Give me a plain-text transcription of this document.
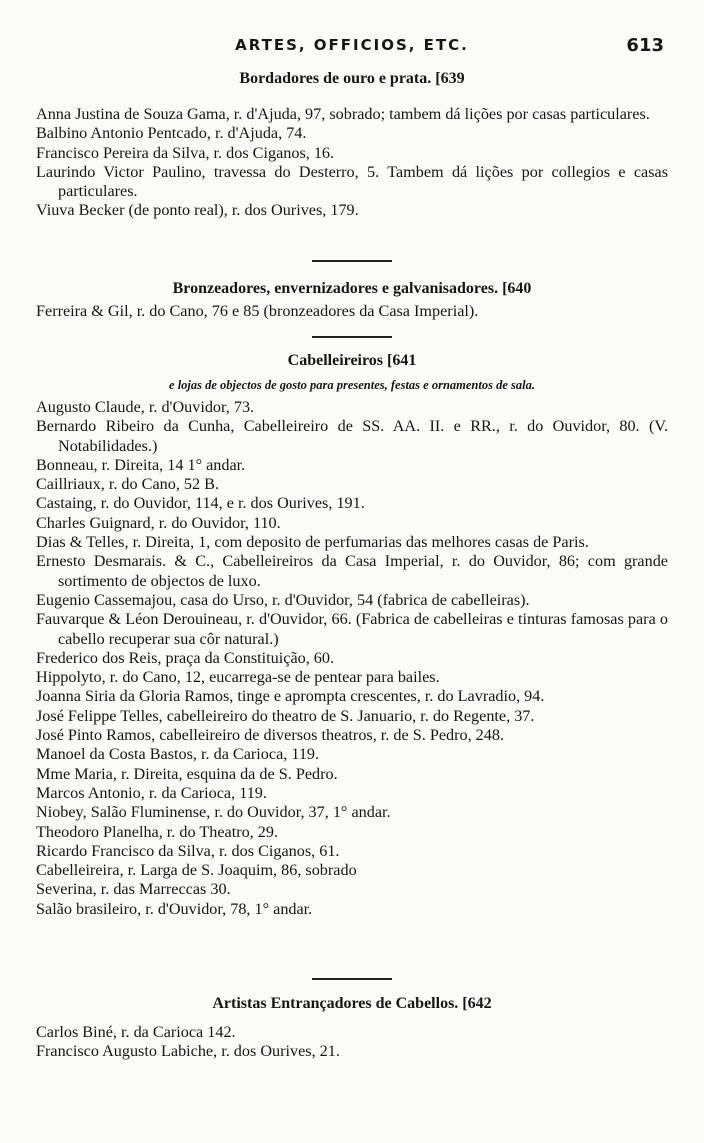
ARTES, OFFICIOS, ETC.	613
Bordadores de ouro e prata. [639
Anna Justina de Souza Gama, r. d'Ajuda, 97, sobrado; tambem dá lições por casas particulares.
Balbino Antonio Pentcado, r. d'Ajuda, 74.
Francisco Pereira da Silva, r. dos Ciganos, 16.
Laurindo Victor Paulino, travessa do Desterro, 5. Tambem dá lições por collegios e casas particulares.
Viuva Becker (de ponto real), r. dos Ourives, 179.
Bronzeadores, envernizadores e galvanisadores. [640
Ferreira & Gil, r. do Cano, 76 e 85 (bronzeadores da Casa Imperial).
Cabelleireiros [641
e lojas de objectos de gosto para presentes, festas e ornamentos de sala.
Augusto Claude, r. d'Ouvidor, 73.
Bernardo Ribeiro da Cunha, Cabelleireiro de SS. AA. II. e RR., r. do Ouvidor, 80. (V. Notabilidades.)
Bonneau, r. Direita, 14 1° andar.
Caillriaux, r. do Cano, 52 B.
Castaing, r. do Ouvidor, 114, e r. dos Ourives, 191.
Charles Guignard, r. do Ouvidor, 110.
Dias & Telles, r. Direita, 1, com deposito de perfumarias das melhores casas de Paris.
Ernesto Desmarais. & C., Cabelleireiros da Casa Imperial, r. do Ouvidor, 86; com grande sortimento de objectos de luxo.
Eugenio Cassemajou, casa do Urso, r. d'Ouvidor, 54 (fabrica de cabelleiras).
Fauvarque & Léon Derouineau, r. d'Ouvidor, 66. (Fabrica de cabelleiras e tinturas famosas para o cabello recuperar sua côr natural.)
Frederico dos Reis, praça da Constituição, 60.
Hippolyto, r. do Cano, 12, eucarrega-se de pentear para bailes.
Joanna Siria da Gloria Ramos, tinge e apromptа crescentes, r. do Lavradio, 94.
José Felippe Telles, cabelleireiro do theatro de S. Januario, r. do Regente, 37.
José Pinto Ramos, cabelleireiro de diversos theatros, r. de S. Pedro, 248.
Manoel da Costa Bastos, r. da Carioca, 119.
Mme Maria, r. Direita, esquina da de S. Pedro.
Marcos Antonio, r. da Carioca, 119.
Niobey, Salão Fluminense, r. do Ouvidor, 37, 1° andar.
Theodoro Planelha, r. do Theatro, 29.
Ricardo Francisco da Silva, r. dos Ciganos, 61.
Cabelleireira, r. Larga de S. Joaquim, 86, sobrado
Severina, r. das Marreccas 30.
Salão brasileiro, r. d'Ouvidor, 78, 1° andar.
Artistas Entrançadores de Cabellos. [642
Carlos Biné, r. da Carioca 142.
Francisco Augusto Labiche, r. dos Ourives, 21.
